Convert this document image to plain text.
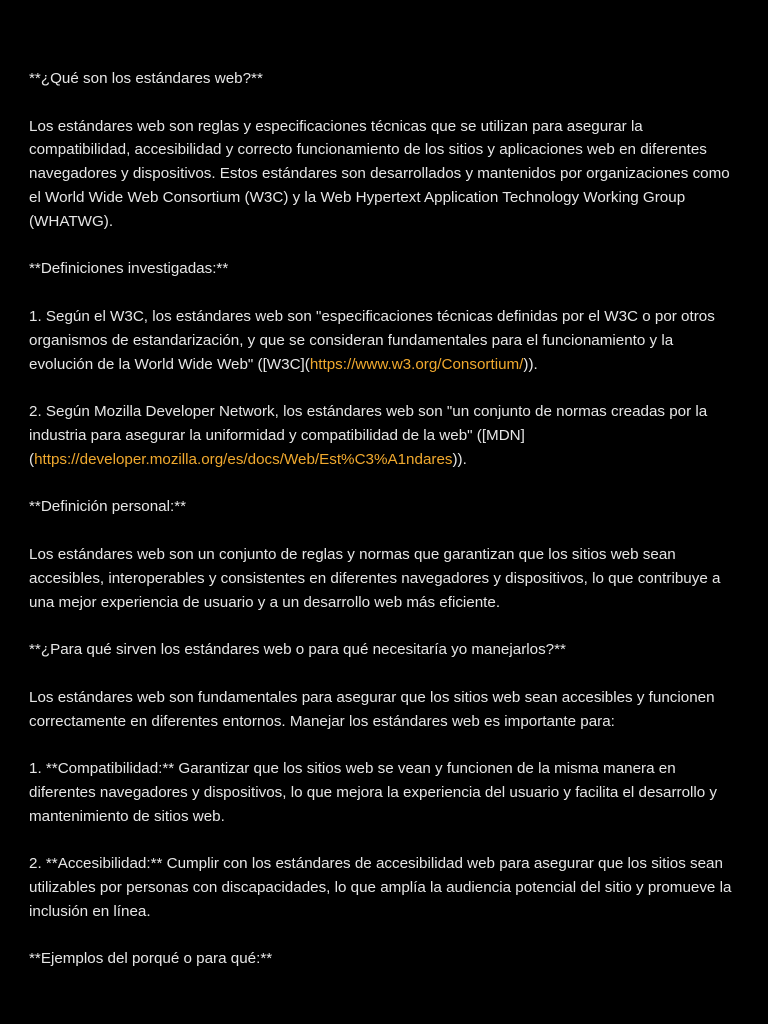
**¿Qué son los estándares web?**

Los estándares web son reglas y especificaciones técnicas que se utilizan para asegurar la compatibilidad, accesibilidad y correcto funcionamiento de los sitios y aplicaciones web en diferentes navegadores y dispositivos. Estos estándares son desarrollados y mantenidos por organizaciones como el World Wide Web Consortium (W3C) y la Web Hypertext Application Technology Working Group (WHATWG).

**Definiciones investigadas:**

1. Según el W3C, los estándares web son "especificaciones técnicas definidas por el W3C o por otros organismos de estandarización, y que se consideran fundamentales para el funcionamiento y la evolución de la World Wide Web" ([W3C](https://www.w3.org/Consortium/)).

2. Según Mozilla Developer Network, los estándares web son "un conjunto de normas creadas por la industria para asegurar la uniformidad y compatibilidad de la web" ([MDN](https://developer.mozilla.org/es/docs/Web/Est%C3%A1ndares)).

**Definición personal:**

Los estándares web son un conjunto de reglas y normas que garantizan que los sitios web sean accesibles, interoperables y consistentes en diferentes navegadores y dispositivos, lo que contribuye a una mejor experiencia de usuario y a un desarrollo web más eficiente.

**¿Para qué sirven los estándares web o para qué necesitaría yo manejarlos?**

Los estándares web son fundamentales para asegurar que los sitios web sean accesibles y funcionen correctamente en diferentes entornos. Manejar los estándares web es importante para:

1. **Compatibilidad:** Garantizar que los sitios web se vean y funcionen de la misma manera en diferentes navegadores y dispositivos, lo que mejora la experiencia del usuario y facilita el desarrollo y mantenimiento de sitios web.

2. **Accesibilidad:** Cumplir con los estándares de accesibilidad web para asegurar que los sitios sean utilizables por personas con discapacidades, lo que amplía la audiencia potencial del sitio y promueve la inclusión en línea.

**Ejemplos del porqué o para qué:**
